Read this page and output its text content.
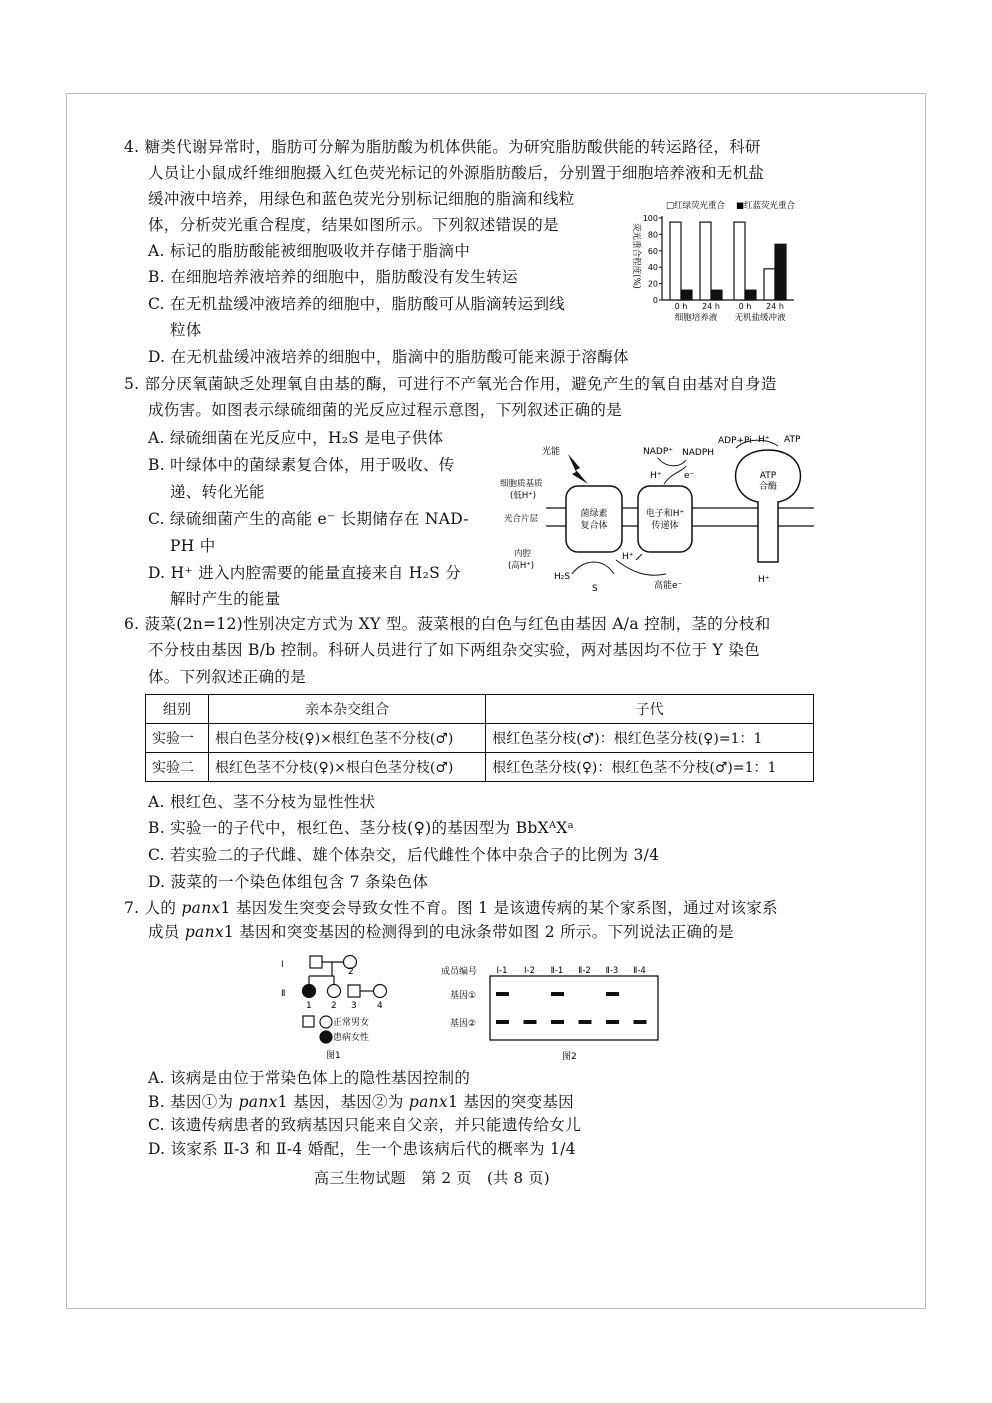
4. 糖类代谢异常时，脂肪可分解为脂肪酸为机体供能。为研究脂肪酸供能的转运路径，科研
人员让小鼠成纤维细胞摄入红色荧光标记的外源脂肪酸后，分别置于细胞培养液和无机盐
缓冲液中培养，用绿色和蓝色荧光分别标记细胞的脂滴和线粒
体，分析荧光重合程度，结果如图所示。下列叙述错误的是
A. 标记的脂肪酸能被细胞吸收并存储于脂滴中
B. 在细胞培养液培养的细胞中，脂肪酸没有发生转运
C. 在无机盐缓冲液培养的细胞中，脂肪酸可从脂滴转运到线
粒体
D. 在无机盐缓冲液培养的细胞中，脂滴中的脂肪酸可能来源于溶酶体
□红绿荧光重合 ■红蓝荧光重合
0
20
40
60
80
100
荧光重合程度(%)
0 h 24 h 0 h 24 h
细胞培养液 无机盐缓冲液
5. 部分厌氧菌缺乏处理氧自由基的酶，可进行不产氧光合作用，避免产生的氧自由基对自身造
成伤害。如图表示绿硫细菌的光反应过程示意图，下列叙述正确的是
A. 绿硫细菌在光反应中，H₂S 是电子供体
B. 叶绿体中的菌绿素复合体，用于吸收、传
递、转化光能
C. 绿硫细菌产生的高能 e⁻ 长期储存在 NAD-
PH 中
D. H⁺ 进入内腔需要的能量直接来自 H₂S 分
解时产生的能量
菌绿素
复合体
电子和H⁺
传递体
ATP
合酶
光能
细胞质基质
(低H⁺)
光合片层
内腔
(高H⁺)
NADP⁺ NADPH
ADP+Pi H⁺ ATP
H⁺ e⁻
H₂S
S
H⁺
高能e⁻
H⁺
6. 菠菜(2n=12)性别决定方式为 XY 型。菠菜根的白色与红色由基因 A/a 控制，茎的分枝和
不分枝由基因 B/b 控制。科研人员进行了如下两组杂交实验，两对基因均不位于 Y 染色
体。下列叙述正确的是
组别	亲本杂交组合	子代
实验一	根白色茎分枝(♀)×根红色茎不分枝(♂)	根红色茎分枝(♂)：根红色茎分枝(♀)=1：1
实验二	根红色茎不分枝(♀)×根白色茎分枝(♂)	根红色茎分枝(♀)：根红色茎不分枝(♂)=1：1
A. 根红色、茎不分枝为显性性状
B. 实验一的子代中，根红色、茎分枝(♀)的基因型为 BbXᴬXᵃ
C. 若实验二的子代雌、雄个体杂交，后代雌性个体中杂合子的比例为 3/4
D. 菠菜的一个染色体组包含 7 条染色体
7. 人的 panx1 基因发生突变会导致女性不育。图 1 是该遗传病的某个家系图，通过对该家系
成员 panx1 基因和突变基因的检测得到的电泳条带如图 2 所示。下列说法正确的是
I
Ⅱ
2
1 2 3 4
正常男女
患病女性
图1
成员编号 I-1 I-2 Ⅱ-1 Ⅱ-2 Ⅱ-3 Ⅱ-4
基因①
基因②
图2
A. 该病是由位于常染色体上的隐性基因控制的
B. 基因①为 panx1 基因，基因②为 panx1 基因的突变基因
C. 该遗传病患者的致病基因只能来自父亲，并只能遗传给女儿
D. 该家系 Ⅱ-3 和 Ⅱ-4 婚配，生一个患该病后代的概率为 1/4
高三生物试题　第 2 页　(共 8 页)
